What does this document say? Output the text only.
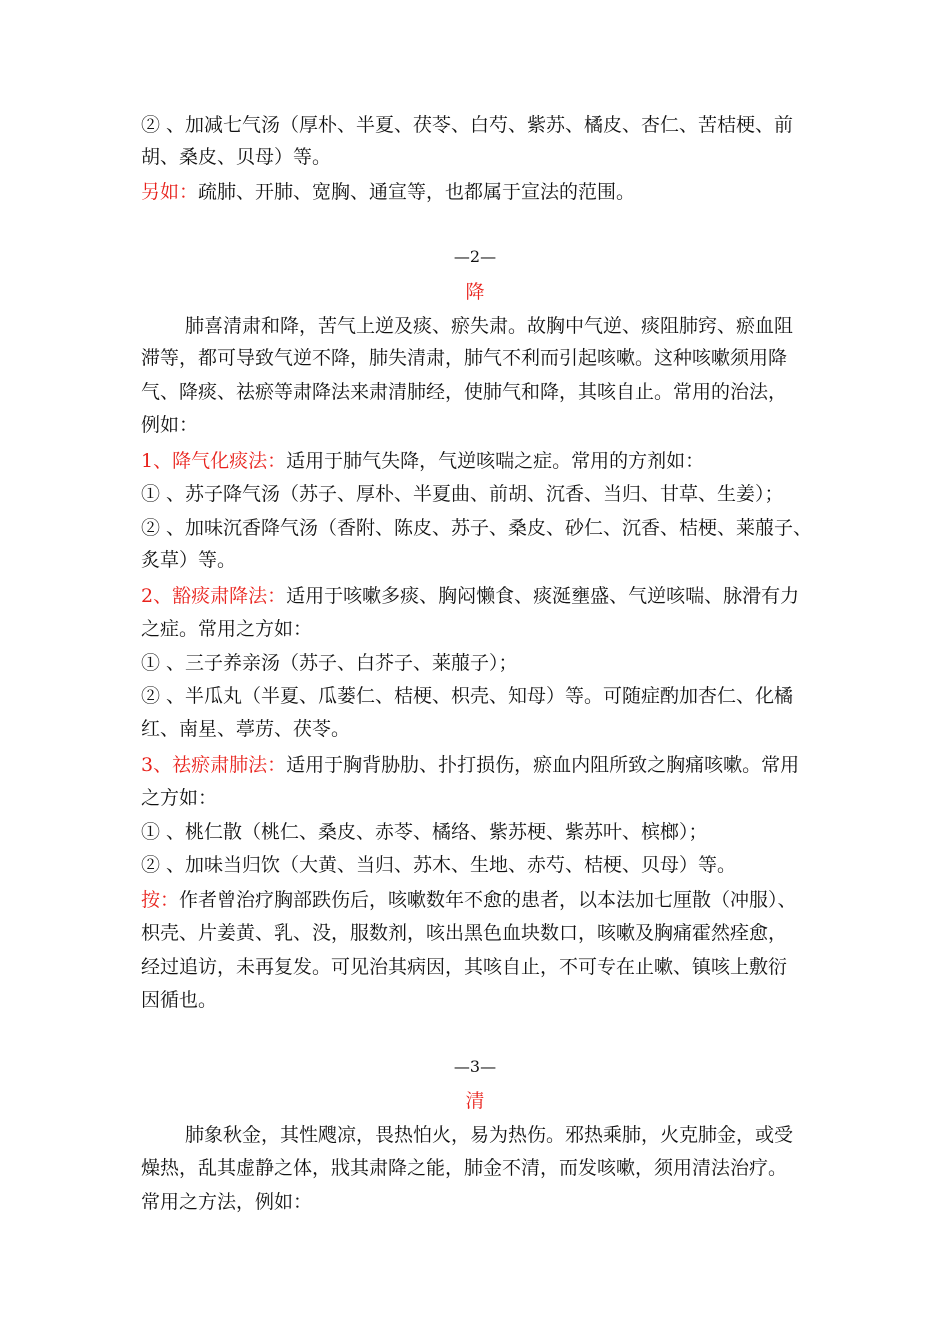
② 、加减七气汤（厚朴、半夏、茯苓、白芍、紫苏、橘皮、杏仁、苦桔梗、前
胡、桑皮、贝母）等。
另如：疏肺、开肺、宽胸、通宣等，也都属于宣法的范围。
—2—
降
肺喜清肃和降，苦气上逆及痰、瘀失肃。故胸中气逆、痰阻肺窍、瘀血阻
滞等，都可导致气逆不降，肺失清肃，肺气不利而引起咳嗽。这种咳嗽须用降
气、降痰、祛瘀等肃降法来肃清肺经，使肺气和降，其咳自止。常用的治法，
例如：
1、降气化痰法：适用于肺气失降，气逆咳喘之症。常用的方剂如：
① 、苏子降气汤（苏子、厚朴、半夏曲、前胡、沉香、当归、甘草、生姜）；
② 、加味沉香降气汤（香附、陈皮、苏子、桑皮、砂仁、沉香、桔梗、莱菔子、
炙草）等。
2、豁痰肃降法：适用于咳嗽多痰、胸闷懒食、痰涎壅盛、气逆咳喘、脉滑有力
之症。常用之方如：
① 、三子养亲汤（苏子、白芥子、莱菔子）；
② 、半瓜丸（半夏、瓜蒌仁、桔梗、枳壳、知母）等。可随症酌加杏仁、化橘
红、南星、葶苈、茯苓。
3、祛瘀肃肺法：适用于胸背胁肋、扑打损伤，瘀血内阻所致之胸痛咳嗽。常用
之方如：
① 、桃仁散（桃仁、桑皮、赤苓、橘络、紫苏梗、紫苏叶、槟榔）；
② 、加味当归饮（大黄、当归、苏木、生地、赤芍、桔梗、贝母）等。
按：作者曾治疗胸部跌伤后，咳嗽数年不愈的患者，以本法加七厘散（冲服）、
枳壳、片姜黄、乳、没，服数剂，咳出黑色血块数口，咳嗽及胸痛霍然痊愈，
经过追访，未再复发。可见治其病因，其咳自止，不可专在止嗽、镇咳上敷衍
因循也。
—3—
清
肺象秋金，其性飕凉，畏热怕火，易为热伤。邪热乘肺，火克肺金，或受
燥热，乱其虚静之体，戕其肃降之能，肺金不清，而发咳嗽，须用清法治疗。
常用之方法，例如：
